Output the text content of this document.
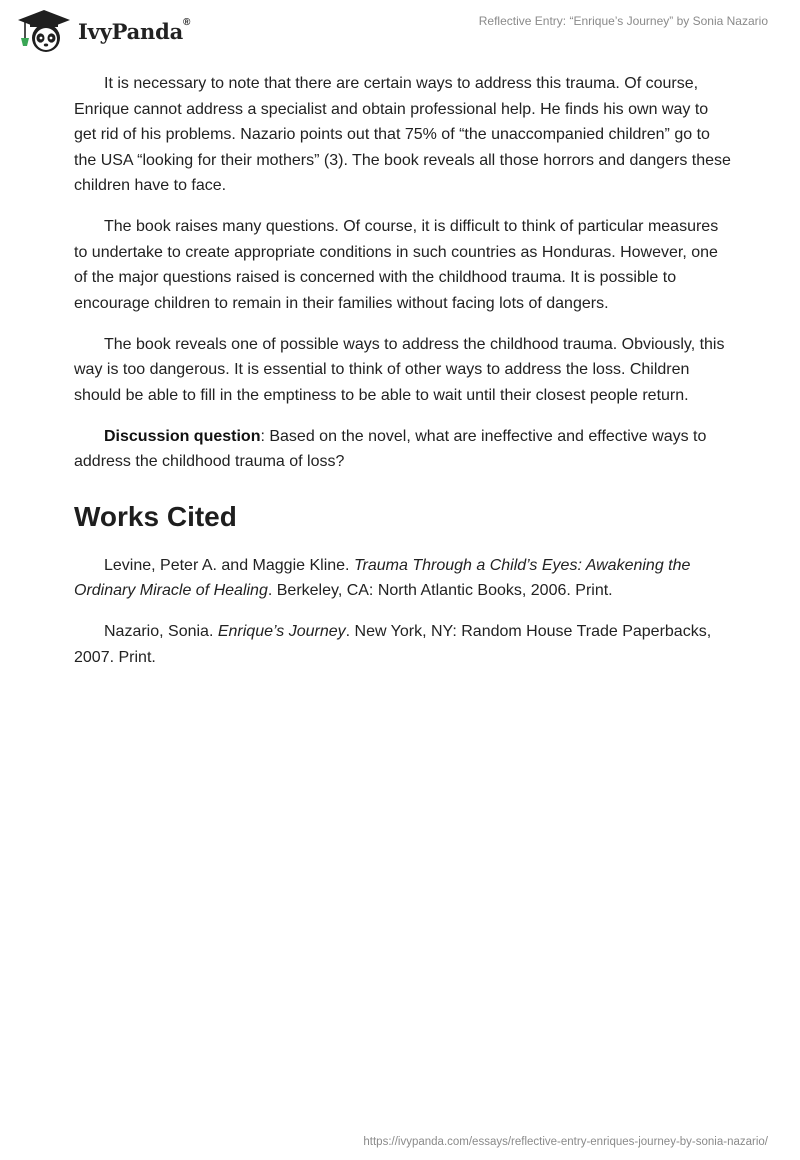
IvyPanda®	Reflective Entry: “Enrique’s Journey” by Sonia Nazario

It is necessary to note that there are certain ways to address this trauma. Of course, Enrique cannot address a specialist and obtain professional help. He finds his own way to get rid of his problems. Nazario points out that 75% of “the unaccompanied children” go to the USA “looking for their mothers” (3). The book reveals all those horrors and dangers these children have to face.

The book raises many questions. Of course, it is difficult to think of particular measures to undertake to create appropriate conditions in such countries as Honduras. However, one of the major questions raised is concerned with the childhood trauma. It is possible to encourage children to remain in their families without facing lots of dangers.

The book reveals one of possible ways to address the childhood trauma. Obviously, this way is too dangerous. It is essential to think of other ways to address the loss. Children should be able to fill in the emptiness to be able to wait until their closest people return.

Discussion question: Based on the novel, what are ineffective and effective ways to address the childhood trauma of loss?

Works Cited

Levine, Peter A. and Maggie Kline. Trauma Through a Child’s Eyes: Awakening the Ordinary Miracle of Healing. Berkeley, CA: North Atlantic Books, 2006. Print.

Nazario, Sonia. Enrique’s Journey. New York, NY: Random House Trade Paperbacks, 2007. Print.

https://ivypanda.com/essays/reflective-entry-enriques-journey-by-sonia-nazario/
